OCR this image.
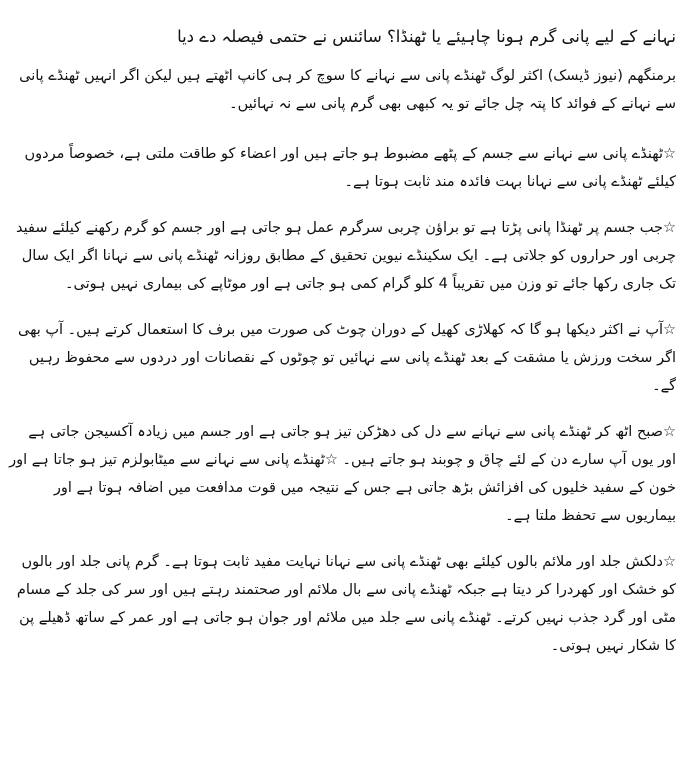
نہانے کے لیے پانی گرم ہونا چاہیئے یا ٹھنڈا؟ سائنس نے حتمی فیصلہ دے دیا

برمنگھم (نیوز ڈیسک) اکثر لوگ ٹھنڈے پانی سے نہانے کا سوچ کر ہی کانپ اٹھتے ہیں لیکن اگر انہیں ٹھنڈے پانی سے نہانے کے فوائد کا پتہ چل جائے تو یہ کبھی بھی گرم پانی سے نہ نہائیں۔

☆ٹھنڈے پانی سے نہانے سے جسم کے پٹھے مضبوط ہو جاتے ہیں اور اعضاء کو طاقت ملتی ہے، خصوصاً مردوں کیلئے ٹھنڈے پانی سے نہانا بہت فائدہ مند ثابت ہوتا ہے۔

☆جب جسم پر ٹھنڈا پانی پڑتا ہے تو براؤن چربی سرگرم عمل ہو جاتی ہے اور جسم کو گرم رکھنے کیلئے سفید چربی اور حراروں کو جلاتی ہے۔ ایک سکینڈے نیوین تحقیق کے مطابق روزانہ ٹھنڈے پانی سے نہانا اگر ایک سال تک جاری رکھا جائے تو وزن میں تقریباً 4 کلو گرام کمی ہو جاتی ہے اور موٹاپے کی بیماری نہیں ہوتی۔

☆آپ نے اکثر دیکھا ہو گا کہ کھلاڑی کھیل کے دوران چوٹ کی صورت میں برف کا استعمال کرتے ہیں۔ آپ بھی اگر سخت ورزش یا مشقت کے بعد ٹھنڈے پانی سے نہائیں تو چوٹوں کے نقصانات اور دردوں سے محفوظ رہیں گے۔

☆صبح اٹھ کر ٹھنڈے پانی سے نہانے سے دل کی دھڑکن تیز ہو جاتی ہے اور جسم میں زیادہ آکسیجن جاتی ہے اور یوں آپ سارے دن کے لئے چاق و چوبند ہو جاتے ہیں۔ ☆ٹھنڈے پانی سے نہانے سے میٹابولزم تیز ہو جاتا ہے اور خون کے سفید خلیوں کی افزائش بڑھ جاتی ہے جس کے نتیجہ میں قوت مدافعت میں اضافہ ہوتا ہے اور بیماریوں سے تحفظ ملتا ہے۔

☆دلکش جلد اور ملائم بالوں کیلئے بھی ٹھنڈے پانی سے نہانا نہایت مفید ثابت ہوتا ہے۔ گرم پانی جلد اور بالوں کو خشک اور کھردرا کر دیتا ہے جبکہ ٹھنڈے پانی سے بال ملائم اور صحتمند رہتے ہیں اور سر کی جلد کے مسام مٹی اور گرد جذب نہیں کرتے۔ ٹھنڈے پانی سے جلد میں ملائم اور جوان ہو جاتی ہے اور عمر کے ساتھ ڈھیلے پن کا شکار نہیں ہوتی۔
